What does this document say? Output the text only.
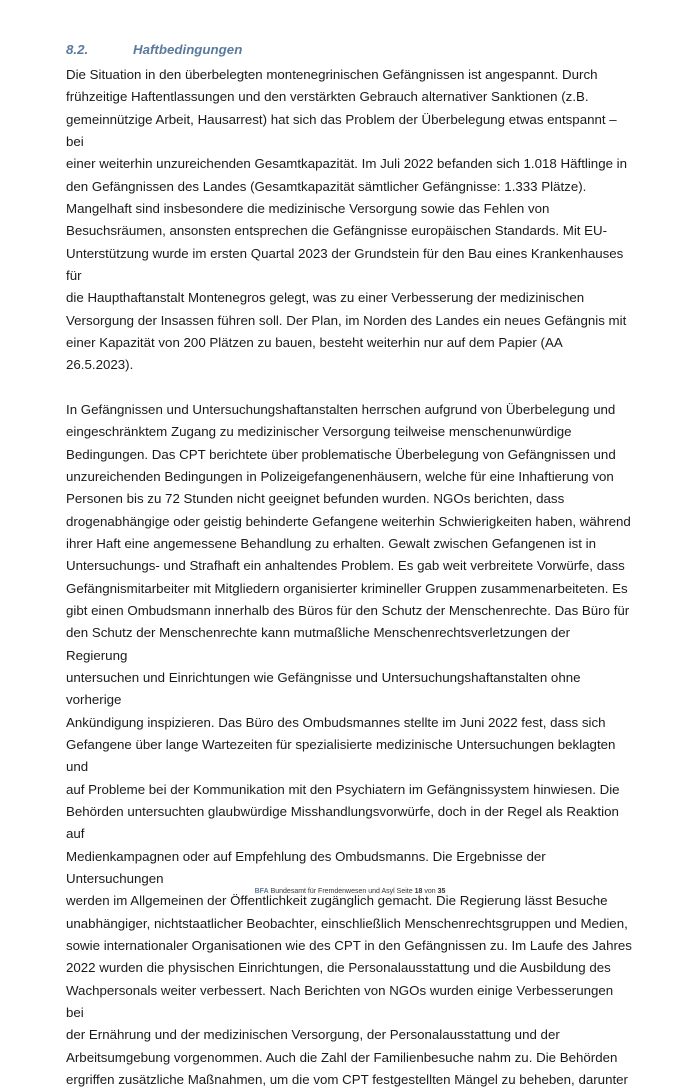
8.2.	Haftbedingungen

Die Situation in den überbelegten montenegrinischen Gefängnissen ist angespannt. Durch
frühzeitige Haftentlassungen und den verstärkten Gebrauch alternativer Sanktionen (z.B.
gemeinnützige Arbeit, Hausarrest) hat sich das Problem der Überbelegung etwas entspannt – bei
einer weiterhin unzureichenden Gesamtkapazität. Im Juli 2022 befanden sich 1.018 Häftlinge in
den Gefängnissen des Landes (Gesamtkapazität sämtlicher Gefängnisse: 1.333 Plätze).
Mangelhaft sind insbesondere die medizinische Versorgung sowie das Fehlen von
Besuchsräumen, ansonsten entsprechen die Gefängnisse europäischen Standards. Mit EU-
Unterstützung wurde im ersten Quartal 2023 der Grundstein für den Bau eines Krankenhauses für
die Haupthaftanstalt Montenegros gelegt, was zu einer Verbesserung der medizinischen
Versorgung der Insassen führen soll. Der Plan, im Norden des Landes ein neues Gefängnis mit
einer Kapazität von 200 Plätzen zu bauen, besteht weiterhin nur auf dem Papier (AA 26.5.2023).

In Gefängnissen und Untersuchungshaftanstalten herrschen aufgrund von Überbelegung und
eingeschränktem Zugang zu medizinischer Versorgung teilweise menschenunwürdige
Bedingungen. Das CPT berichtete über problematische Überbelegung von Gefängnissen und
unzureichenden Bedingungen in Polizeigefangenenhäusern, welche für eine Inhaftierung von
Personen bis zu 72 Stunden nicht geeignet befunden wurden. NGOs berichten, dass
drogenabhängige oder geistig behinderte Gefangene weiterhin Schwierigkeiten haben, während
ihrer Haft eine angemessene Behandlung zu erhalten. Gewalt zwischen Gefangenen ist in
Untersuchungs- und Strafhaft ein anhaltendes Problem. Es gab weit verbreitete Vorwürfe, dass
Gefängnismitarbeiter mit Mitgliedern organisierter krimineller Gruppen zusammenarbeiteten. Es
gibt einen Ombudsmann innerhalb des Büros für den Schutz der Menschenrechte. Das Büro für
den Schutz der Menschenrechte kann mutmaßliche Menschenrechtsverletzungen der Regierung
untersuchen und Einrichtungen wie Gefängnisse und Untersuchungshaftanstalten ohne vorherige
Ankündigung inspizieren. Das Büro des Ombudsmannes stellte im Juni 2022 fest, dass sich
Gefangene über lange Wartezeiten für spezialisierte medizinische Untersuchungen beklagten und
auf Probleme bei der Kommunikation mit den Psychiatern im Gefängnissystem hinwiesen. Die
Behörden untersuchten glaubwürdige Misshandlungsvorwürfe, doch in der Regel als Reaktion auf
Medienkampagnen oder auf Empfehlung des Ombudsmanns. Die Ergebnisse der Untersuchungen
werden im Allgemeinen der Öffentlichkeit zugänglich gemacht. Die Regierung lässt Besuche
unabhängiger, nichtstaatlicher Beobachter, einschließlich Menschenrechtsgruppen und Medien,
sowie internationaler Organisationen wie des CPT in den Gefängnissen zu. Im Laufe des Jahres
2022 wurden die physischen Einrichtungen, die Personalausstattung und die Ausbildung des
Wachpersonals weiter verbessert. Nach Berichten von NGOs wurden einige Verbesserungen bei
der Ernährung und der medizinischen Versorgung, der Personalausstattung und der
Arbeitsumgebung vorgenommen. Auch die Zahl der Familienbesuche nahm zu. Die Behörden
ergriffen zusätzliche Maßnahmen, um die vom CPT festgestellten Mängel zu beheben, darunter

BFA Bundesamt für Fremdenwesen und Asyl Seite 18 von 35
